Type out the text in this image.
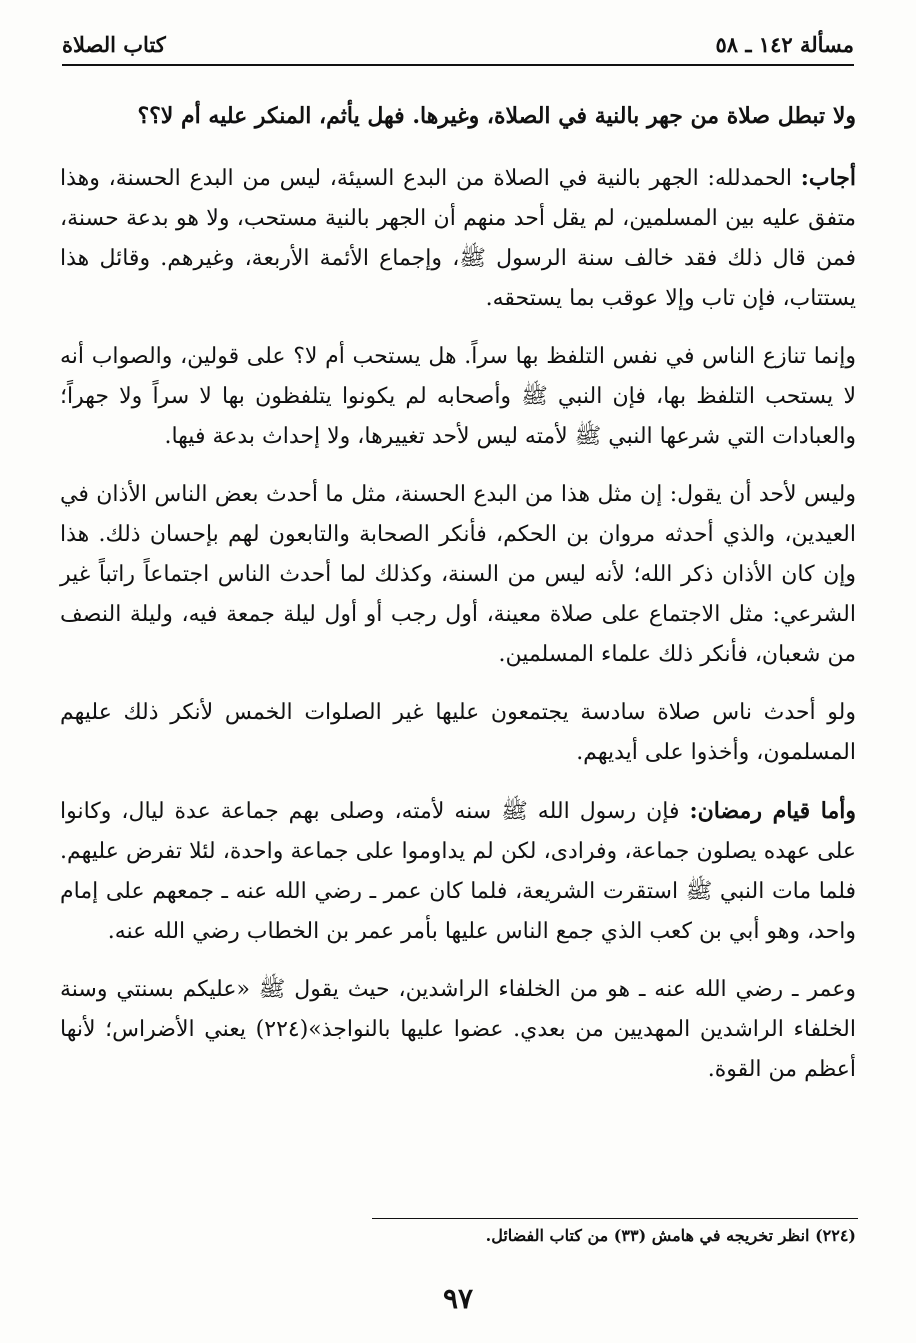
مسألة ١٤٢ ـ ٥٨
كتاب الصلاة

ولا تبطل صلاة من جهر بالنية في الصلاة، وغيرها. فهل يأثم، المنكر عليه أم لا؟؟

أجاب: الحمدلله: الجهر بالنية في الصلاة من البدع السيئة، ليس من البدع الحسنة، وهذا متفق عليه بين المسلمين، لم يقل أحد منهم أن الجهر بالنية مستحب، ولا هو بدعة حسنة، فمن قال ذلك فقد خالف سنة الرسول ﷺ، وإجماع الأئمة الأربعة، وغيرهم. وقائل هذا يستتاب، فإن تاب وإلا عوقب بما يستحقه.

وإنما تنازع الناس في نفس التلفظ بها سراً. هل يستحب أم لا؟ على قولين، والصواب أنه لا يستحب التلفظ بها، فإن النبي ﷺ وأصحابه لم يكونوا يتلفظون بها لا سراً ولا جهراً؛ والعبادات التي شرعها النبي ﷺ لأمته ليس لأحد تغييرها، ولا إحداث بدعة فيها.

وليس لأحد أن يقول: إن مثل هذا من البدع الحسنة، مثل ما أحدث بعض الناس الأذان في العيدين، والذي أحدثه مروان بن الحكم، فأنكر الصحابة والتابعون لهم بإحسان ذلك. هذا وإن كان الأذان ذكر الله؛ لأنه ليس من السنة، وكذلك لما أحدث الناس اجتماعاً راتباً غير الشرعي: مثل الاجتماع على صلاة معينة، أول رجب أو أول ليلة جمعة فيه، وليلة النصف من شعبان، فأنكر ذلك علماء المسلمين.

ولو أحدث ناس صلاة سادسة يجتمعون عليها غير الصلوات الخمس لأنكر ذلك عليهم المسلمون، وأخذوا على أيديهم.

وأما قيام رمضان: فإن رسول الله ﷺ سنه لأمته، وصلى بهم جماعة عدة ليال، وكانوا على عهده يصلون جماعة، وفرادى، لكن لم يداوموا على جماعة واحدة، لئلا تفرض عليهم. فلما مات النبي ﷺ استقرت الشريعة، فلما كان عمر ـ رضي الله عنه ـ جمعهم على إمام واحد، وهو أبي بن كعب الذي جمع الناس عليها بأمر عمر بن الخطاب رضي الله عنه.

وعمر ـ رضي الله عنه ـ هو من الخلفاء الراشدين، حيث يقول ﷺ «عليكم بسنتي وسنة الخلفاء الراشدين المهديين من بعدي. عضوا عليها بالنواجذ»(٢٢٤) يعني الأضراس؛ لأنها أعظم من القوة.

(٢٢٤) انظر تخريجه في هامش (٣٣) من كتاب الفضائل.
٩٧
